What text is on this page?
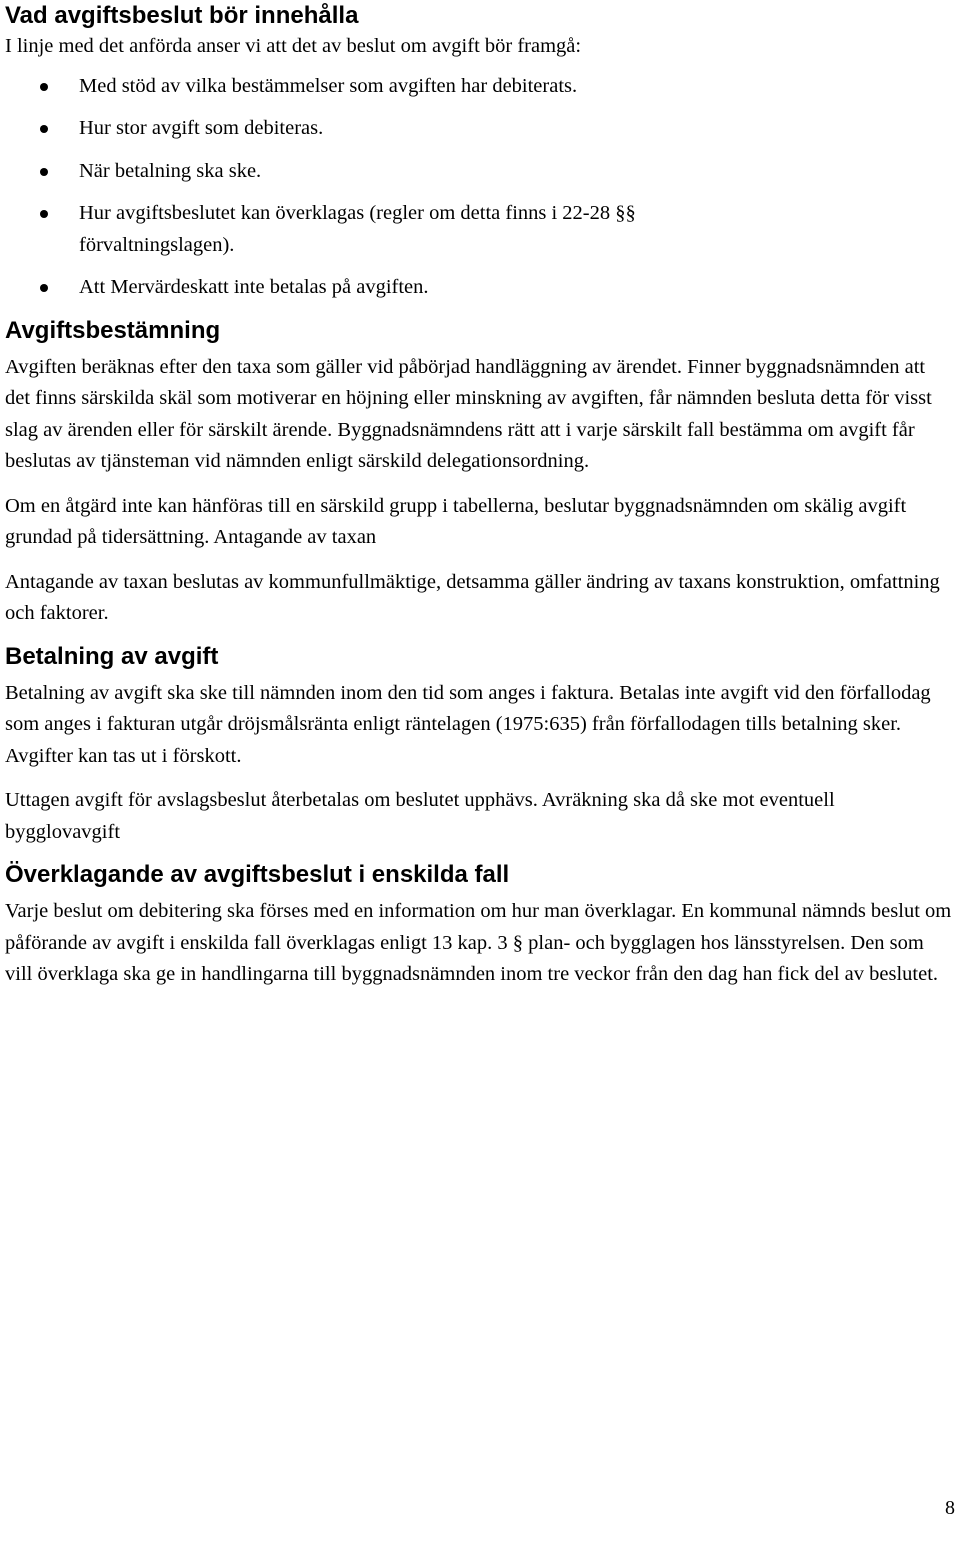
Vad avgiftsbeslut bör innehålla

I linje med det anförda anser vi att det av beslut om avgift bör framgå:

Med stöd av vilka bestämmelser som avgiften har debiterats.
Hur stor avgift som debiteras.
När betalning ska ske.
Hur avgiftsbeslutet kan överklagas (regler om detta finns i 22-28 §§ förvaltningslagen).
Att Mervärdeskatt inte betalas på avgiften.
Avgiftsbestämning

Avgiften beräknas efter den taxa som gäller vid påbörjad handläggning av ärendet. Finner byggnadsnämnden att det finns särskilda skäl som motiverar en höjning eller minskning av avgiften, får nämnden besluta detta för visst slag av ärenden eller för särskilt ärende. Byggnadsnämndens rätt att i varje särskilt fall bestämma om avgift får beslutas av tjänsteman vid nämnden enligt särskild delegationsordning.

Om en åtgärd inte kan hänföras till en särskild grupp i tabellerna, beslutar byggnadsnämnden om skälig avgift grundad på tidersättning. Antagande av taxan

Antagande av taxan beslutas av kommunfullmäktige, detsamma gäller ändring av taxans konstruktion, omfattning och faktorer.

Betalning av avgift

Betalning av avgift ska ske till nämnden inom den tid som anges i faktura. Betalas inte avgift vid den förfallodag som anges i fakturan utgår dröjsmålsränta enligt räntelagen (1975:635) från förfallodagen tills betalning sker. Avgifter kan tas ut i förskott.

Uttagen avgift för avslagsbeslut återbetalas om beslutet upphävs. Avräkning ska då ske mot eventuell bygglovavgift

Överklagande av avgiftsbeslut i enskilda fall

Varje beslut om debitering ska förses med en information om hur man överklagar. En kommunal nämnds beslut om påförande av avgift i enskilda fall överklagas enligt 13 kap. 3 § plan- och bygglagen hos länsstyrelsen. Den som vill överklaga ska ge in handlingarna till byggnadsnämnden inom tre veckor från den dag han fick del av beslutet.

8
